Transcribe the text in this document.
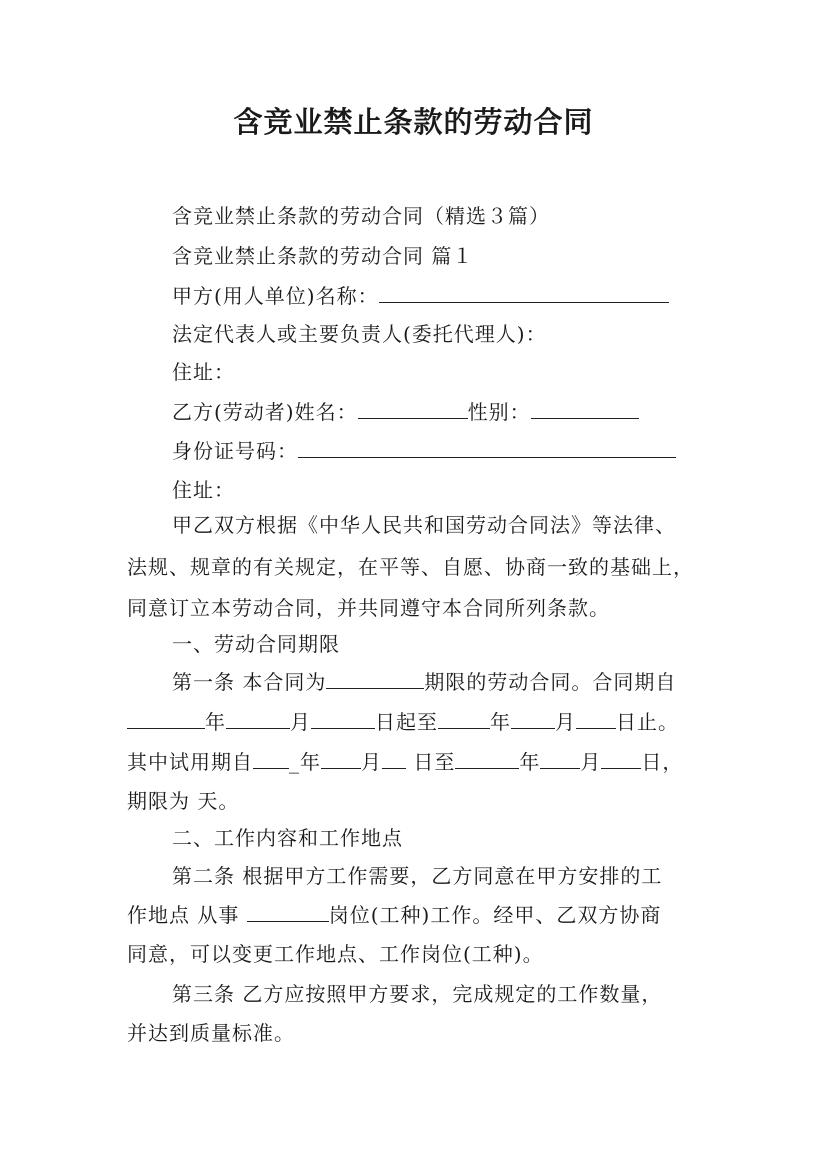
含竞业禁止条款的劳动合同
含竞业禁止条款的劳动合同（精选３篇）
含竞业禁止条款的劳动合同 篇１
甲方(用人单位)名称：
法定代表人或主要负责人(委托代理人)：
住址：
乙方(劳动者)姓名：	性别：
身份证号码：
住址：
甲乙双方根据《中华人民共和国劳动合同法》等法律、
法规、规章的有关规定，在平等、自愿、协商一致的基础上，
同意订立本劳动合同，并共同遵守本合同所列条款。
一、劳动合同期限
第一条 本合同为	期限的劳动合同。合同期自
年	月	日起至	年 月 日止。
其中试用期自 _年 月 日至	年 月 日，
期限为 天。
二、工作内容和工作地点
第二条 根据甲方工作需要，乙方同意在甲方安排的工
作地点 从事	岗位(工种)工作。经甲、乙双方协商
同意，可以变更工作地点、工作岗位(工种)。
第三条 乙方应按照甲方要求，完成规定的工作数量，
并达到质量标准。
